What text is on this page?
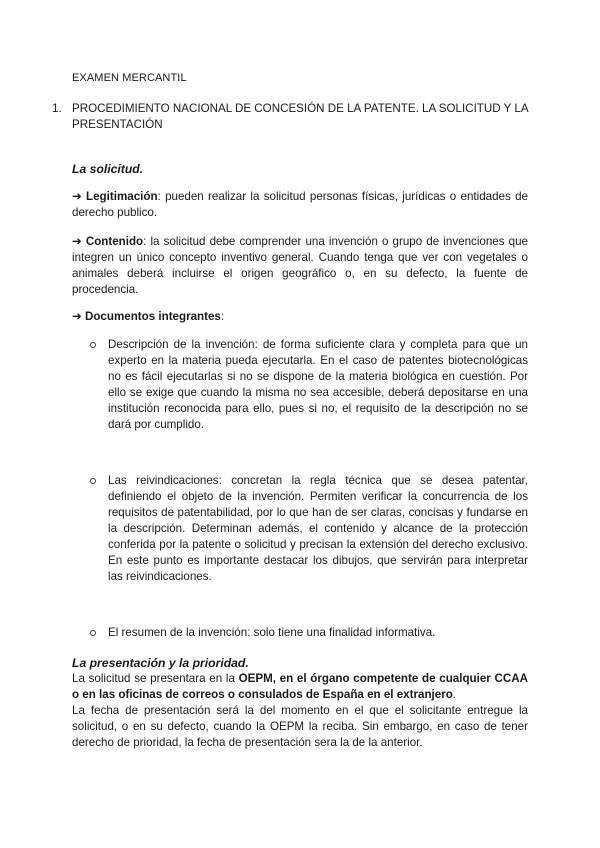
EXAMEN MERCANTIL
1. PROCEDIMIENTO NACIONAL DE CONCESIÓN DE LA PATENTE. LA SOLICITUD Y LA PRESENTACIÓN
La solicitud.
➔ Legitimación: pueden realizar la solicitud personas físicas, jurídicas o entidades de derecho publico.
➔ Contenido: la solicitud debe comprender una invención o grupo de invenciones que integren un único concepto inventivo general. Cuando tenga que ver con vegetales o animales deberá incluirse el origen geográfico o, en su defecto, la fuente de procedencia.
➔ Documentos integrantes:
Descripción de la invención: de forma suficiente clara y completa para que un experto en la materia pueda ejecutarla. En el caso de patentes biotecnológicas no es fácil ejecutarlas si no se dispone de la materia biológica en cuestión. Por ello se exige que cuando la misma no sea accesible, deberá depositarse en una institución reconocida para ello, pues si no, el requisito de la descripción no se dará por cumplido.
Las reivindicaciones: concretan la regla técnica que se desea patentar, definiendo el objeto de la invención. Permiten verificar la concurrencia de los requisitos de patentabilidad, por lo que han de ser claras, concisas y fundarse en la descripción. Determinan además, el contenido y alcance de la protección conferida por la patente o solicitud y precisan la extensión del derecho exclusivo. En este punto es importante destacar los dibujos, que servirán para interpretar las reivindicaciones.
El resumen de la invención: solo tiene una finalidad informativa.
La presentación y la prioridad.
La solicitud se presentara en la OEPM, en el órgano competente de cualquier CCAA o en las oficinas de correos o consulados de España en el extranjero.
La fecha de presentación será la del momento en el que el solicitante entregue la solicitud, o en su defecto, cuando la OEPM la reciba. Sin embargo, en caso de tener derecho de prioridad, la fecha de presentación sera la de la anterior.
